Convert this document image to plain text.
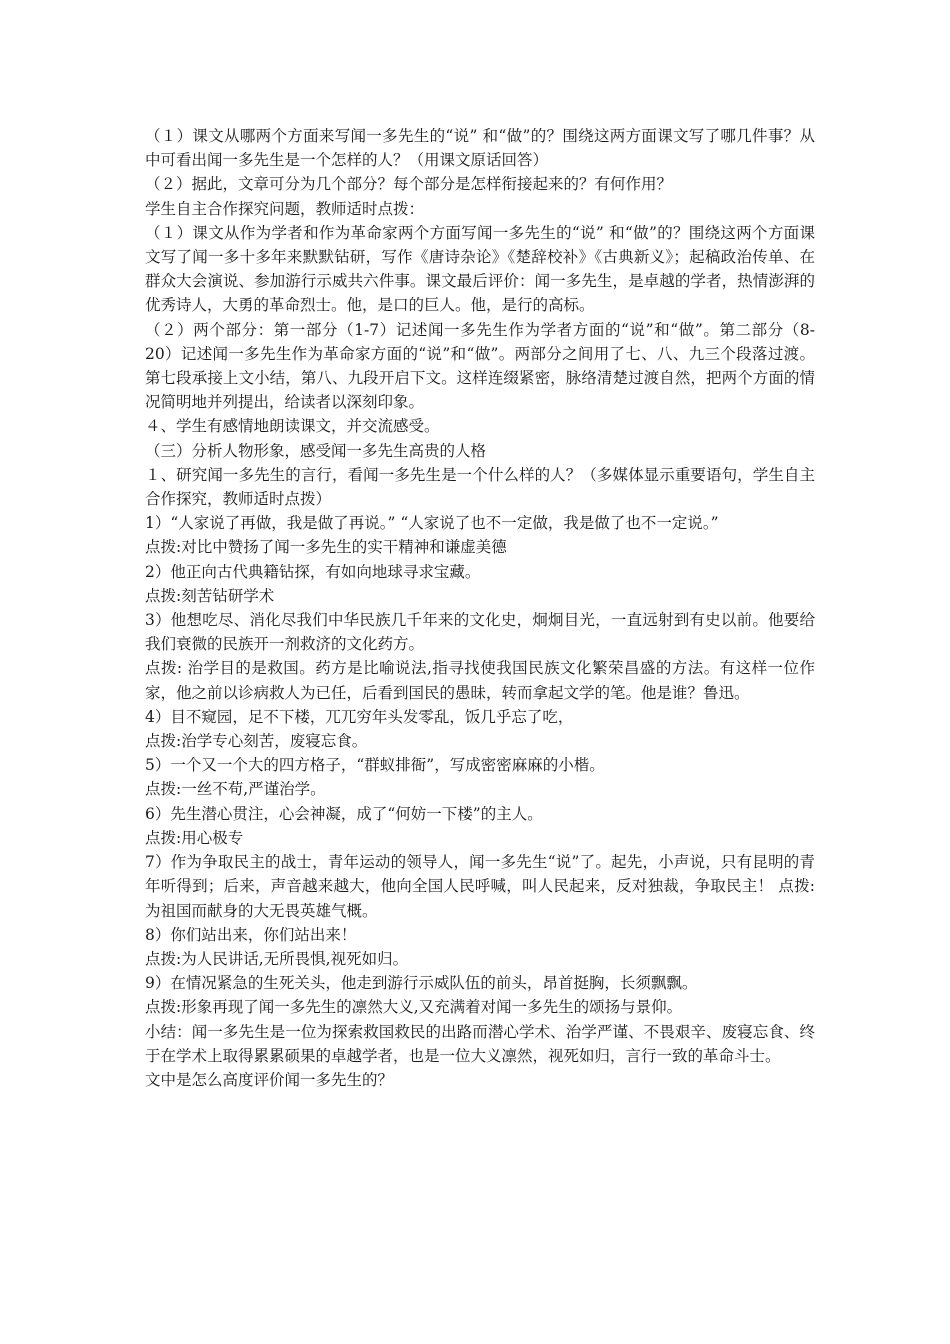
（１）课文从哪两个方面来写闻一多先生的“说” 和“做”的？围绕这两方面课文写了哪几件事？从中可看出闻一多先生是一个怎样的人？（用课文原话回答）

（２）据此，文章可分为几个部分？每个部分是怎样衔接起来的？有何作用？

学生自主合作探究问题，教师适时点拨：

（１）课文从作为学者和作为革命家两个方面写闻一多先生的“说” 和“做”的？围绕这两个方面课文写了闻一多十多年来默默钻研，写作《唐诗杂论》《楚辞校补》《古典新义》；起稿政治传单、在群众大会演说、参加游行示威共六件事。课文最后评价：闻一多先生，是卓越的学者，热情澎湃的优秀诗人，大勇的革命烈士。他，是口的巨人。他，是行的高标。

（２）两个部分：第一部分（1-7）记述闻一多先生作为学者方面的“说”和“做”。第二部分（8-20）记述闻一多先生作为革命家方面的“说”和“做”。两部分之间用了七、八、九三个段落过渡。第七段承接上文小结，第八、九段开启下文。这样连缀紧密，脉络清楚过渡自然，把两个方面的情况简明地并列提出，给读者以深刻印象。

４、学生有感情地朗读课文，并交流感受。

（三）分析人物形象，感受闻一多先生高贵的人格

１、研究闻一多先生的言行，看闻一多先生是一个什么样的人？（多媒体显示重要语句，学生自主合作探究，教师适时点拨）

1）“人家说了再做，我是做了再说。” “人家说了也不一定做，我是做了也不一定说。”

点拨:对比中赞扬了闻一多先生的实干精神和谦虚美德

2）他正向古代典籍钻探，有如向地球寻求宝藏。

点拨:刻苦钻研学术

3）他想吃尽、消化尽我们中华民族几千年来的文化史，炯炯目光，一直远射到有史以前。他要给我们衰微的民族开一剂救济的文化药方。

点拨: 治学目的是救国。药方是比喻说法,指寻找使我国民族文化繁荣昌盛的方法。有这样一位作家，他之前以诊病救人为已任，后看到国民的愚昧，转而拿起文学的笔。他是谁？鲁迅。

4）目不窥园，足不下楼，兀兀穷年头发零乱，饭几乎忘了吃，

点拨:治学专心刻苦，废寝忘食。

5）一个又一个大的四方格子，“群蚁排衙”，写成密密麻麻的小楷。

点拨:一丝不苟,严谨治学。

6）先生潜心贯注，心会神凝，成了“何妨一下楼”的主人。

点拨:用心极专

7）作为争取民主的战士，青年运动的领导人，闻一多先生“说”了。起先，小声说，只有昆明的青年听得到；后来，声音越来越大，他向全国人民呼喊，叫人民起来，反对独裁，争取民主！ 点拨:为祖国而献身的大无畏英雄气概。

8）你们站出来，你们站出来！

点拨:为人民讲话,无所畏惧,视死如归。

9）在情况紧急的生死关头，他走到游行示威队伍的前头，昂首挺胸，长须飘飘。

点拨:形象再现了闻一多先生的凛然大义,又充满着对闻一多先生的颂扬与景仰。

小结：闻一多先生是一位为探索救国救民的出路而潜心学术、治学严谨、不畏艰辛、废寝忘食、终于在学术上取得累累硕果的卓越学者，也是一位大义凛然，视死如归，言行一致的革命斗士。

文中是怎么高度评价闻一多先生的？
